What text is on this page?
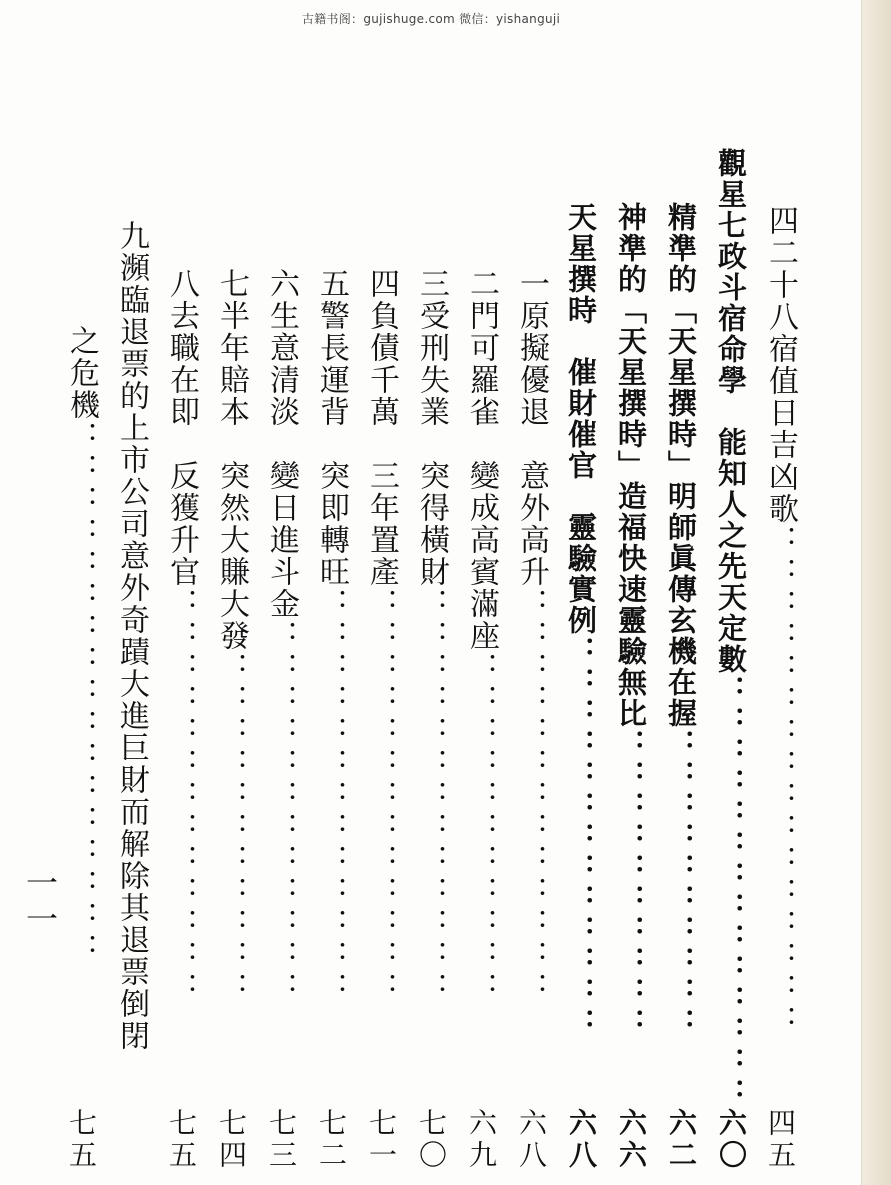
古籍书阁：gujishuge.com 微信：yishanguji
四二十八宿值日吉凶歌：：：：：：：：：：：：：：：：
四五
觀星七政斗宿命學　能知人之先天定數：：：：：：：：：：：：：：
六〇
精準的「天星撰時」明師眞傳玄機在握：：：：：：：：：：
六二
神準的「天星撰時」造福快速靈驗無比：：：：：：：：：：
六六
天星撰時　催財催官　靈驗實例：：：：：：：：：：：：：
六八
一原擬優退　意外高升：：：：：：：：：：：：：
六八
二門可羅雀　變成高賓滿座：：：：：：：：：：：
六九
三受刑失業　突得橫財：：：：：：：：：：：：：
七〇
四負債千萬　三年置產：：：：：：：：：：：：：
七一
五警長運背　突即轉旺：：：：：：：：：：：：：
七二
六生意清淡　變日進斗金：：：：：：：：：：：：
七三
七半年賠本　突然大賺大發：：：：：：：：：：：
七四
八去職在即　反獲升官：：：：：：：：：：：：：
七五
九瀕臨退票的上市公司意外奇蹟大進巨財而解除其退票倒閉
之危機：：：：：：：：：：：：：：：：：
七五
一一
